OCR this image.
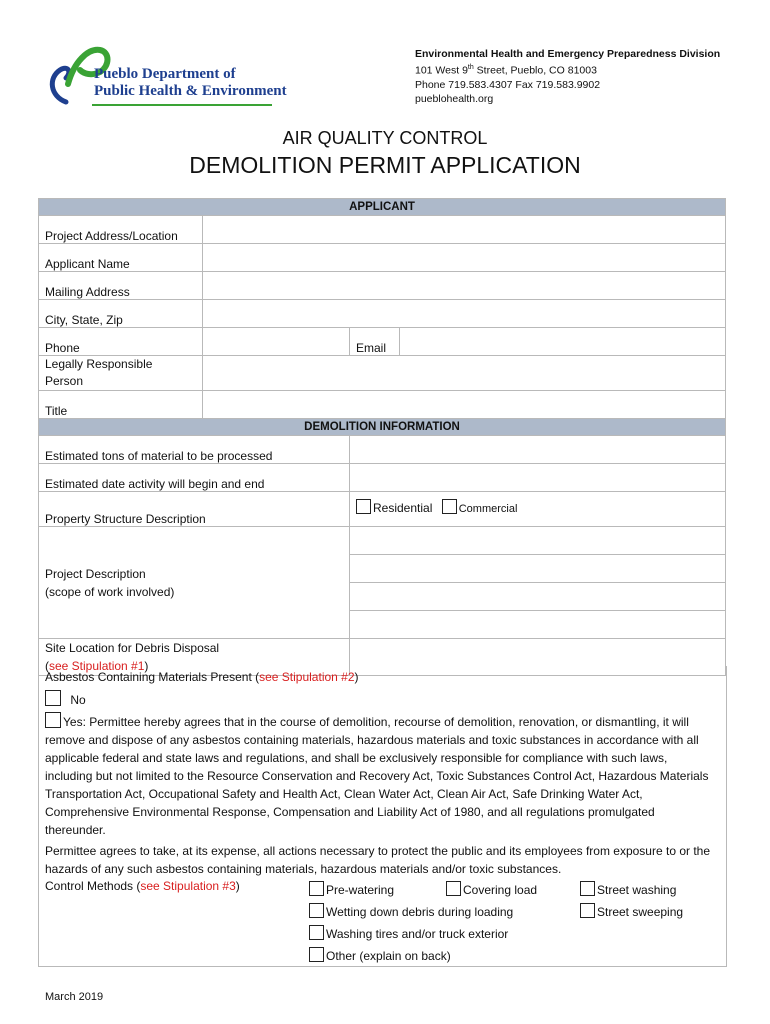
Pueblo Department of
Public Health & Environment
Environmental Health and Emergency Preparedness Division
101 West 9th Street, Pueblo, CO 81003
Phone 719.583.4307 Fax 719.583.9902
pueblohealth.org
AIR QUALITY CONTROL
DEMOLITION PERMIT APPLICATION
APPLICANT			
Project Address/Location			
Applicant Name			
Mailing Address			
City, State, Zip			
Phone		Email	
Legally Responsible
Person			
Title			
DEMOLITION INFORMATION			
Estimated tons of material to be processed			
Estimated date activity will begin and end			
Property Structure Description		Residential Commercial	
Project Description
(scope of work involved)			

Site Location for Debris Disposal
(see Stipulation #1)			
Asbestos Containing Materials Present (see Stipulation #2)
No
Yes: Permittee hereby agrees that in the course of demolition, recourse of demolition, renovation, or dismantling, it will remove and dispose of any asbestos containing materials, hazardous materials and toxic substances in accordance with all applicable federal and state laws and regulations, and shall be exclusively responsible for compliance with such laws, including but not limited to the Resource Conservation and Recovery Act, Toxic Substances Control Act, Hazardous Materials Transportation Act, Occupational Safety and Health Act, Clean Water Act, Clean Air Act, Safe Drinking Water Act, Comprehensive Environmental Response, Compensation and Liability Act of 1980, and all regulations promulgated thereunder.
Permittee agrees to take, at its expense, all actions necessary to protect the public and its employees from exposure to or the hazards of any such asbestos containing materials, hazardous materials and/or toxic substances.
Control Methods (see Stipulation #3)	Pre-watering	Covering load	Street washing
Wetting down debris during loading	Street sweeping
Washing tires and/or truck exterior
Other (explain on back)
March 2019
